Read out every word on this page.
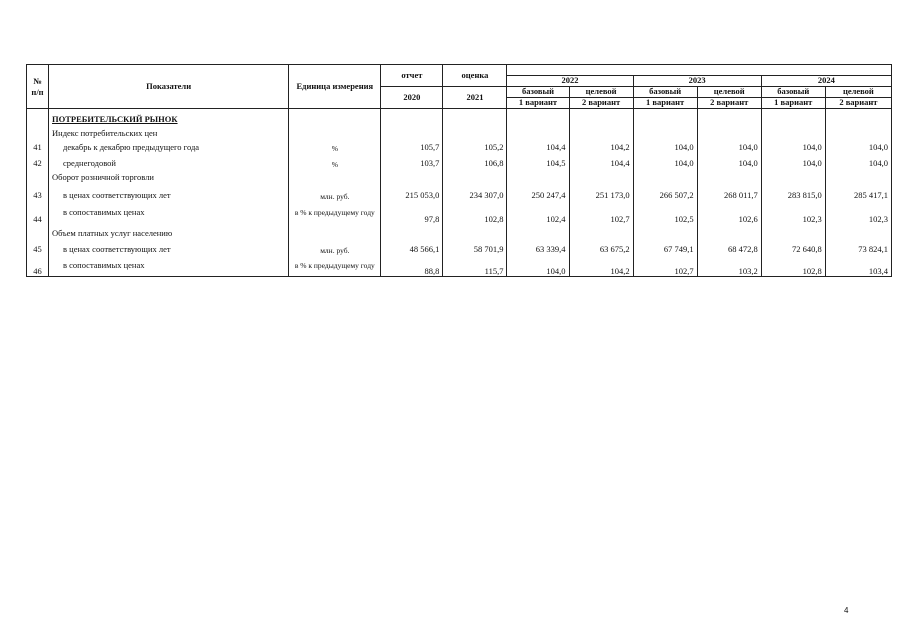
№
п/п	Показатели	Единица измерения	отчет	оценка						
					2022		2023		2024	
			2020	2021	базовый	целевой	базовый	целевой	базовый	целевой
					1 вариант	2 вариант	1 вариант	2 вариант	1 вариант	2 вариант
	ПОТРЕБИТЕЛЬСКИЙ РЫНОК									
	Индекс потребительских цен									
41	декабрь к декабрю предыдущего года	%	105,7	105,2	104,4	104,2	104,0	104,0	104,0	104,0
42	среднегодовой	%	103,7	106,8	104,5	104,4	104,0	104,0	104,0	104,0
	Оборот розничной торговли									
43	в ценах соответствующих лет	млн. руб.	215 053,0	234 307,0	250 247,4	251 173,0	266 507,2	268 011,7	283 815,0	285 417,1
44	в сопоставимых ценах	в % к предыдущему году	97,8	102,8	102,4	102,7	102,5	102,6	102,3	102,3
	Объем платных услуг населению									
45	в ценах соответствующих лет	млн. руб.	48 566,1	58 701,9	63 339,4	63 675,2	67 749,1	68 472,8	72 640,8	73 824,1
46	в сопоставимых ценах	в % к предыдущему году	88,8	115,7	104,0	104,2	102,7	103,2	102,8	103,4
4
